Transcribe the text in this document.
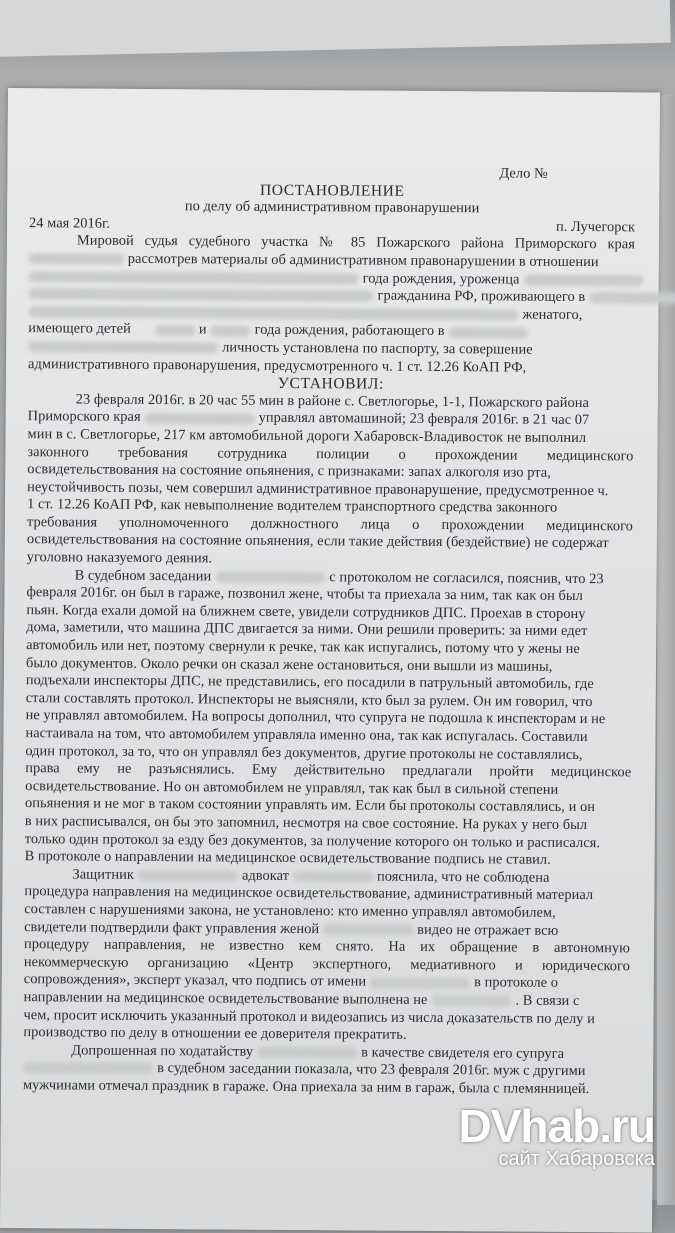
Дело №
ПОСТАНОВЛЕНИЕ
по делу об административном правонарушении
24 мая 2016г.	п. Лучегорск
Мировой судья судебного участка № 85 Пожарского района Приморского края
рассмотрев материалы об административном правонарушении в отношении
года рождения, уроженца
гражданина РФ, проживающего в
женатого,
имеющего детей	и	года рождения, работающего в
личность установлена по паспорту, за совершение
административного правонарушения, предусмотренного ч. 1 ст. 12.26 КоАП РФ,
УСТАНОВИЛ:
23 февраля 2016г. в 20 час 55 мин в районе с. Светлогорье, 1-1, Пожарского района
Приморского края	управлял автомашиной; 23 февраля 2016г. в 21 час 07
мин в с. Светлогорье, 217 км автомобильной дороги Хабаровск-Владивосток не выполнил
законного требования сотрудника полиции о прохождении медицинского
освидетельствования на состояние опьянения, с признаками: запах алкоголя изо рта,
неустойчивость позы, чем совершил административное правонарушение, предусмотренное ч.
1 ст. 12.26 КоАП РФ, как невыполнение водителем транспортного средства законного
требования уполномоченного должностного лица о прохождении медицинского
освидетельствования на состояние опьянения, если такие действия (бездействие) не содержат
уголовно наказуемого деяния.
В судебном заседании	с протоколом не согласился, пояснив, что 23
февраля 2016г. он был в гараже, позвонил жене, чтобы та приехала за ним, так как он был
пьян. Когда ехали домой на ближнем свете, увидели сотрудников ДПС. Проехав в сторону
дома, заметили, что машина ДПС двигается за ними. Они решили проверить: за ними едет
автомобиль или нет, поэтому свернули к речке, так как испугались, потому что у жены не
было документов. Около речки он сказал жене остановиться, они вышли из машины,
подъехали инспекторы ДПС, не представились, его посадили в патрульный автомобиль, где
стали составлять протокол. Инспекторы не выясняли, кто был за рулем. Он им говорил, что
не управлял автомобилем. На вопросы дополнил, что супруга не подошла к инспекторам и не
настаивала на том, что автомобилем управляла именно она, так как испугалась. Составили
один протокол, за то, что он управлял без документов, другие протоколы не составлялись,
права ему не разъяснялись. Ему действительно предлагали пройти медицинское
освидетельствование. Но он автомобилем не управлял, так как был в сильной степени
опьянения и не мог в таком состоянии управлять им. Если бы протоколы составлялись, и он
в них расписывался, он бы это запомнил, несмотря на свое состояние. На руках у него был
только один протокол за езду без документов, за получение которого он только и расписался.
В протоколе о направлении на медицинское освидетельствование подпись не ставил.
Защитник	адвокат	пояснила, что не соблюдена
процедура направления на медицинское освидетельствование, административный материал
составлен с нарушениями закона, не установлено: кто именно управлял автомобилем,
свидетели подтвердили факт управления женой	видео не отражает всю
процедуру направления, не известно кем снято. На их обращение в автономную
некоммерческую организацию «Центр экспертного, медиативного и юридического
сопровождения», эксперт указал, что подпись от имени	в протоколе о
направлении на медицинское освидетельствование выполнена не	. В связи с
чем, просит исключить указанный протокол и видеозапись из числа доказательств по делу и
производство по делу в отношении ее доверителя прекратить.
Допрошенная по ходатайству	в качестве свидетеля его супруга
в судебном заседании показала, что 23 февраля 2016г. муж с другими
мужчинами отмечал праздник в гараже. Она приехала за ним в гараж, была с племянницей.
DVhab.ru
сайт Хабаровска
